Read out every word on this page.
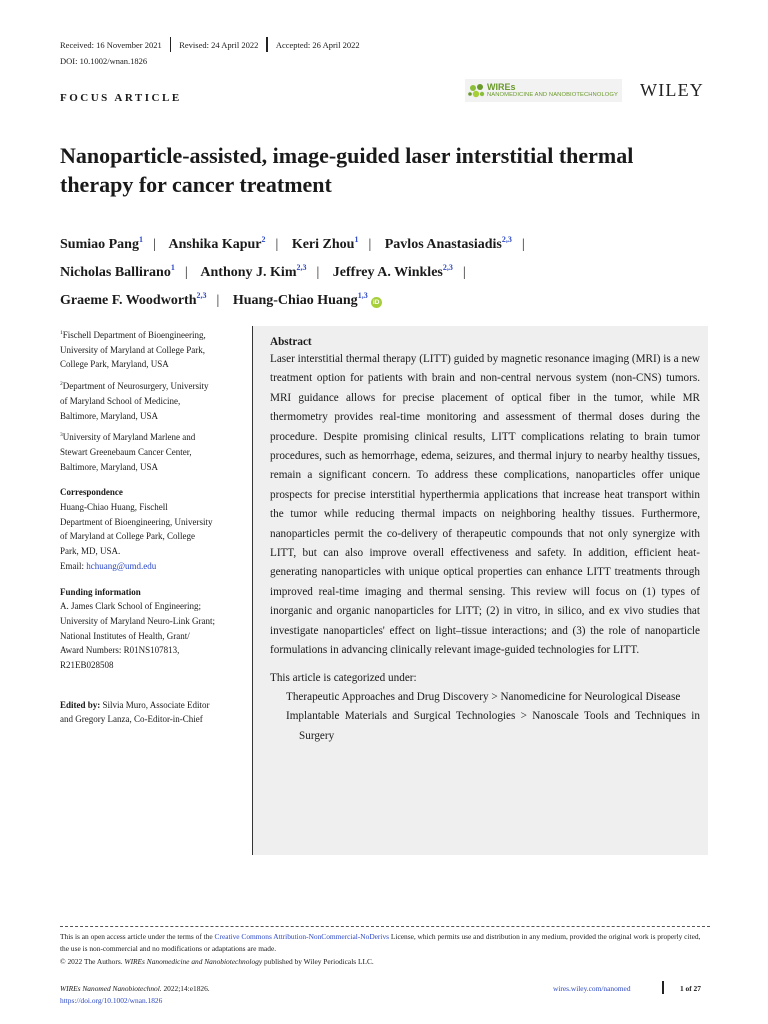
Received: 16 November 2021 Revised: 24 April 2022 Accepted: 26 April 2022
DOI: 10.1002/wnan.1826
FOCUS ARTICLE
WIREs
NANOMEDICINE AND NANOBIOTECHNOLOGY WILEY
Nanoparticle-assisted, image-guided laser interstitial thermal therapy for cancer treatment
Sumiao Pang$^1$ | Anshika Kapur$^2$ | Keri Zhou$^1$ | Pavlos Anastasiadis$^{2,3}$ |
Nicholas Ballirano$^1$ | Anthony J. Kim$^{2,3}$ | Jeffrey A. Winkles$^{2,3}$ |
Graeme F. Woodworth$^{2,3}$ | Huang-Chiao Huang$^{1,3}$iD
$^1$Fischell Department of Bioengineering,
University of Maryland at College Park,
College Park, Maryland, USA
$^2$Department of Neurosurgery, University
of Maryland School of Medicine,
Baltimore, Maryland, USA
$^3$University of Maryland Marlene and
Stewart Greenebaum Cancer Center,
Baltimore, Maryland, USA
Correspondence
Huang-Chiao Huang, Fischell
Department of Bioengineering, University
of Maryland at College Park, College
Park, MD, USA.
Email: hchuang@umd.edu
Funding information
A. James Clark School of Engineering;
University of Maryland Neuro-Link Grant;
National Institutes of Health, Grant/
Award Numbers: R01NS107813,
R21EB028508
Edited by: Silvia Muro, Associate Editor
and Gregory Lanza, Co-Editor-in-Chief
Abstract

Laser interstitial thermal therapy (LITT) guided by magnetic resonance imaging (MRI) is a new treatment option for patients with brain and non-central nervous system (non-CNS) tumors. MRI guidance allows for precise placement of optical fiber in the tumor, while MR thermometry provides real-time monitoring and assessment of thermal doses during the procedure. Despite promising clinical results, LITT complications relating to brain tumor procedures, such as hemorrhage, edema, seizures, and thermal injury to nearby healthy tissues, remain a significant concern. To address these complications, nanoparticles offer unique prospects for precise interstitial hyperthermia applications that increase heat transport within the tumor while reducing thermal impacts on neighboring healthy tissues. Furthermore, nanoparticles permit the co-delivery of therapeutic compounds that not only synergize with LITT, but can also improve overall effectiveness and safety. In addition, efficient heat-generating nanoparticles with unique optical properties can enhance LITT treatments through improved real-time imaging and thermal sensing. This review will focus on (1) types of inorganic and organic nanoparticles for LITT; (2) in vitro, in silico, and ex vivo studies that investigate nanoparticles' effect on light–tissue interactions; and (3) the role of nanoparticle formulations in advancing clinically relevant image-guided technologies for LITT.

This article is categorized under:
Therapeutic Approaches and Drug Discovery > Nanomedicine for Neurological Disease
Implantable Materials and Surgical Technologies > Nanoscale Tools and Techniques in Surgery
This is an open access article under the terms of the Creative Commons Attribution-NonCommercial-NoDerivs License, which permits use and distribution in any medium, provided the original work is properly cited, the use is non-commercial and no modifications or adaptations are made.
© 2022 The Authors. WIREs Nanomedicine and Nanobiotechnology published by Wiley Periodicals LLC.
WIREs Nanomed Nanobiotechnol. 2022;14:e1826.
https://doi.org/10.1002/wnan.1826
wires.wiley.com/nanomed	1 of 27
